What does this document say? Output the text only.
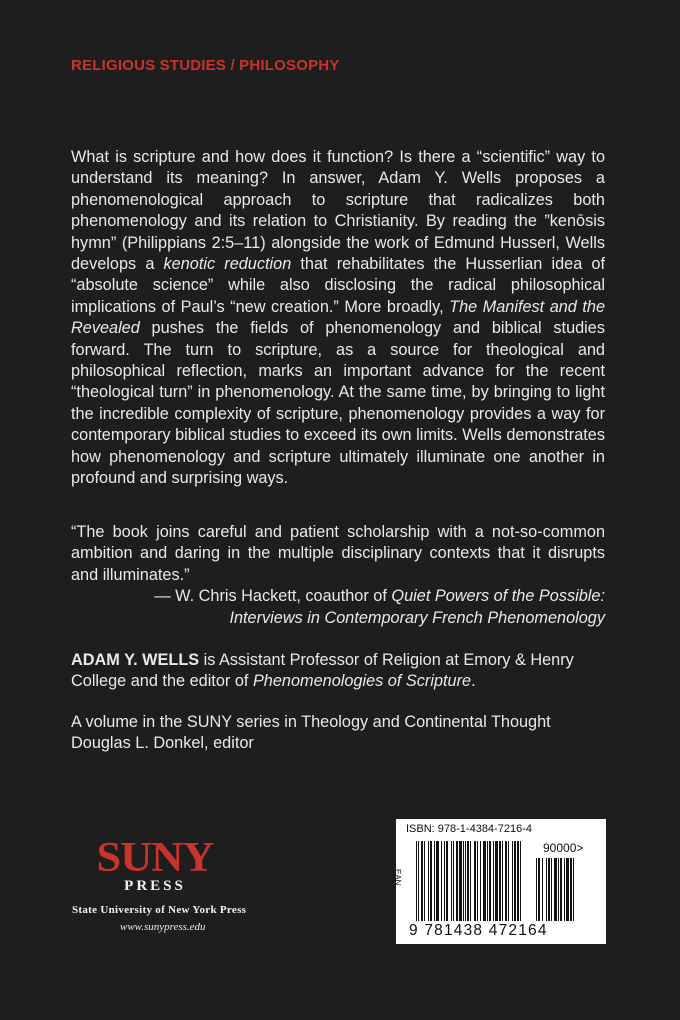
RELIGIOUS STUDIES / PHILOSOPHY

What is scripture and how does it function? Is there a “scientific” way to understand its meaning? In answer, Adam Y. Wells proposes a phenomenological approach to scripture that radicalizes both phenomenology and its relation to Christianity. By reading the ”kenōsis hymn” (Philippians 2:5–11) alongside the work of Edmund Husserl, Wells develops a kenotic reduction that rehabilitates the Husserlian idea of “absolute science” while also disclosing the radical philosophical implications of Paul’s “new creation.” More broadly, The Manifest and the Revealed pushes the fields of phenomenology and biblical studies forward. The turn to scripture, as a source for theological and philosophical reflection, marks an important advance for the recent “theological turn” in phenomenology. At the same time, by bringing to light the incredible complexity of scripture, phenomenology provides a way for contemporary biblical studies to exceed its own limits. Wells demonstrates how phenomenology and scripture ultimately illuminate one another in profound and surprising ways.

“The book joins careful and patient scholarship with a not-so-common ambition and daring in the multiple disciplinary contexts that it disrupts and illuminates.”

— W. Chris Hackett, coauthor of Quiet Powers of the Possible:
Interviews in Contemporary French Phenomenology

ADAM Y. WELLS is Assistant Professor of Religion at Emory & Henry College and the editor of Phenomenologies of Scripture.

A volume in the SUNY series in Theology and Continental Thought
Douglas L. Donkel, editor

SUNY
PRESS
State University of New York Press
www.sunypress.edu
ISBN: 978-1-4384-7216-4
EAN
90000>
9 781438 472164
